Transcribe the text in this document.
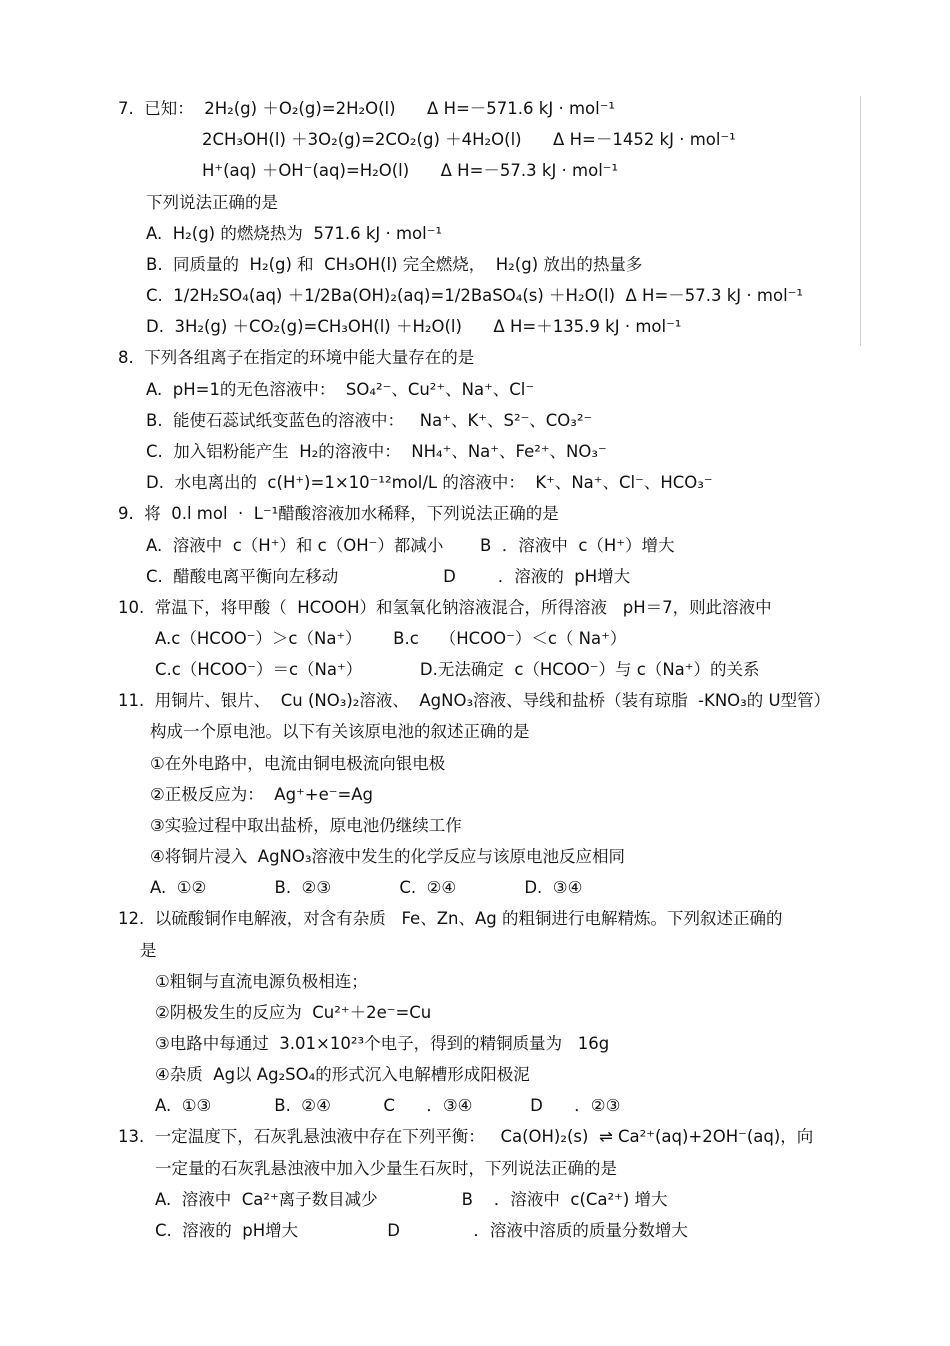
7.  已知：  2H₂(g) ＋O₂(g)=2H₂O(l)      Δ H=－571.6 kJ · mol⁻¹
2CH₃OH(l) ＋3O₂(g)=2CO₂(g) ＋4H₂O(l)      Δ H=－1452 kJ · mol⁻¹
H⁺(aq) ＋OH⁻(aq)=H₂O(l)      Δ H=－57.3 kJ · mol⁻¹
下列说法正确的是
A.  H₂(g) 的燃烧热为  571.6 kJ · mol⁻¹
B.  同质量的  H₂(g) 和  CH₃OH(l) 完全燃烧，  H₂(g) 放出的热量多
C.  1/2H₂SO₄(aq) ＋1/2Ba(OH)₂(aq)=1/2BaSO₄(s) ＋H₂O(l)  Δ H=－57.3 kJ · mol⁻¹
D.  3H₂(g) ＋CO₂(g)=CH₃OH(l) ＋H₂O(l)      Δ H=＋135.9 kJ · mol⁻¹
8.  下列各组离子在指定的环境中能大量存在的是
A.  pH=1的无色溶液中：  SO₄²⁻、Cu²⁺、Na⁺、Cl⁻
B.  能使石蕊试纸变蓝色的溶液中：   Na⁺、K⁺、S²⁻、CO₃²⁻
C.  加入铝粉能产生  H₂的溶液中：  NH₄⁺、Na⁺、Fe²⁺、NO₃⁻
D.  水电离出的  c(H⁺)=1×10⁻¹²mol/L 的溶液中：  K⁺、Na⁺、Cl⁻、HCO₃⁻
9.  将  0.l mol  ·  L⁻¹醋酸溶液加水稀释，下列说法正确的是
A.  溶液中  c（H⁺）和 c（OH⁻）都减小       B  ．溶液中  c（H⁺）增大
C.  醋酸电离平衡向左移动                    D        ．溶液的  pH增大
10.  常温下，将甲酸（  HCOOH）和氢氧化钠溶液混合，所得溶液   pH＝7，则此溶液中
A.c（HCOO⁻）＞c（Na⁺）      B.c    （HCOO⁻）＜c（ Na⁺）
C.c（HCOO⁻）＝c（Na⁺）           D.无法确定  c（HCOO⁻）与 c（Na⁺）的关系
11.  用铜片、银片、  Cu (NO₃)₂溶液、  AgNO₃溶液、导线和盐桥（装有琼脂  -KNO₃的 U型管）
构成一个原电池。以下有关该原电池的叙述正确的是
①在外电路中，电流由铜电极流向银电极
②正极反应为：  Ag⁺+e⁻=Ag
③实验过程中取出盐桥，原电池仍继续工作
④将铜片浸入  AgNO₃溶液中发生的化学反应与该原电池反应相同
A.  ①②             B.  ②③             C.  ②④             D.  ③④
12.  以硫酸铜作电解液，对含有杂质   Fe、Zn、Ag 的粗铜进行电解精炼。下列叙述正确的
是
①粗铜与直流电源负极相连；
②阴极发生的反应为  Cu²⁺＋2e⁻=Cu
③电路中每通过  3.01×10²³个电子，得到的精铜质量为   16g
④杂质  Ag以 Ag₂SO₄的形式沉入电解槽形成阳极泥
A.  ①③            B.  ②④          C      ．③④           D      ．②③
13.  一定温度下，石灰乳悬浊液中存在下列平衡：   Ca(OH)₂(s)  ⇌ Ca²⁺(aq)+2OH⁻(aq)，向
一定量的石灰乳悬浊液中加入少量生石灰时，下列说法正确的是
A.  溶液中  Ca²⁺离子数目减少                B    ．溶液中  c(Ca²⁺) 增大
C.  溶液的  pH增大                 D              ．溶液中溶质的质量分数增大
